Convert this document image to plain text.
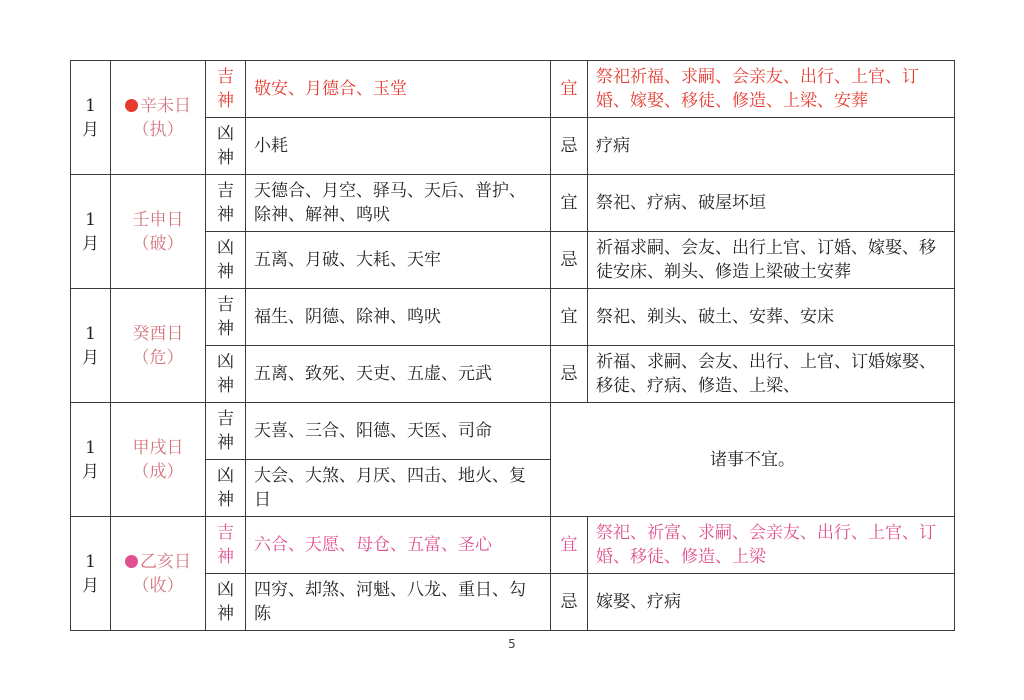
1月	辛未日（执）	吉神	敬安、月德合、玉堂	宜	祭祀祈福、求嗣、会亲友、出行、上官、订婚、嫁娶、移徒、修造、上梁、安葬
		凶神	小耗	忌	疗病
1月	壬申日（破）	吉神	天德合、月空、驿马、天后、普护、除神、解神、鸣吠	宜	祭祀、疗病、破屋坏垣
		凶神	五离、月破、大耗、天牢	忌	祈福求嗣、会友、出行上官、订婚、嫁娶、移徒安床、剃头、修造上梁破土安葬
1月	癸酉日（危）	吉神	福生、阴德、除神、鸣吠	宜	祭祀、剃头、破土、安葬、安床
		凶神	五离、致死、天吏、五虚、元武	忌	祈福、求嗣、会友、出行、上官、订婚嫁娶、移徒、疗病、修造、上梁、
1月	甲戌日（成）	吉神	天喜、三合、阳德、天医、司命	诸事不宜。	
		凶神	大会、大煞、月厌、四击、地火、复日		
1月	乙亥日（收）	吉神	六合、天愿、母仓、五富、圣心	宜	祭祀、祈富、求嗣、会亲友、出行、上官、订婚、移徒、修造、上梁
		凶神	四穷、却煞、河魁、八龙、重日、勾陈	忌	嫁娶、疗病
5
